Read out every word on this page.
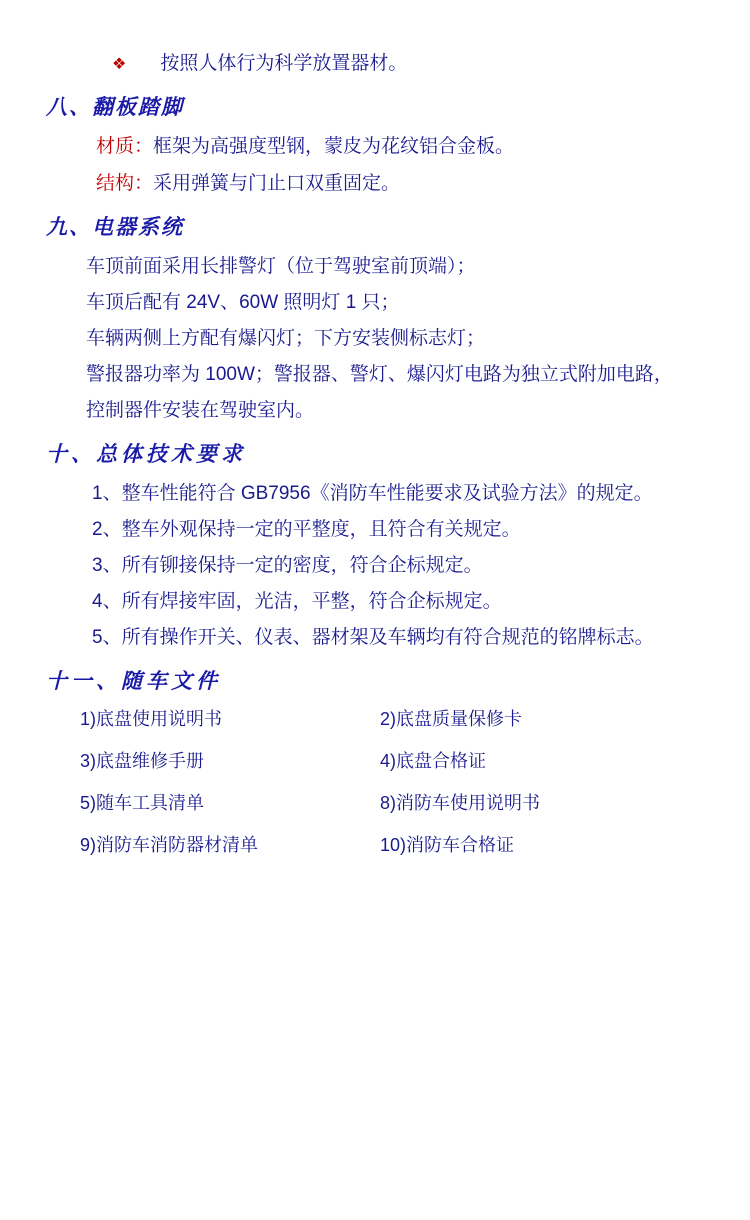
❖ 按照人体行为科学放置器材。
八、翻板踏脚
材质：框架为高强度型钢，蒙皮为花纹铝合金板。
结构：采用弹簧与门止口双重固定。
九、电器系统
车顶前面采用长排警灯（位于驾驶室前顶端）；
车顶后配有 24V、60W 照明灯 1 只；
车辆两侧上方配有爆闪灯；下方安装侧标志灯；
警报器功率为 100W；警报器、警灯、爆闪灯电路为独立式附加电路，
控制器件安装在驾驶室内。
十、总体技术要求
1、整车性能符合 GB7956《消防车性能要求及试验方法》的规定。
2、整车外观保持一定的平整度，且符合有关规定。
3、所有铆接保持一定的密度，符合企标规定。
4、所有焊接牢固，光洁，平整，符合企标规定。
5、所有操作开关、仪表、器材架及车辆均有符合规范的铭牌标志。
十一、随车文件
1)底盘使用说明书	2)底盘质量保修卡
3)底盘维修手册	4)底盘合格证
5)随车工具清单	8)消防车使用说明书
9)消防车消防器材清单	10)消防车合格证
